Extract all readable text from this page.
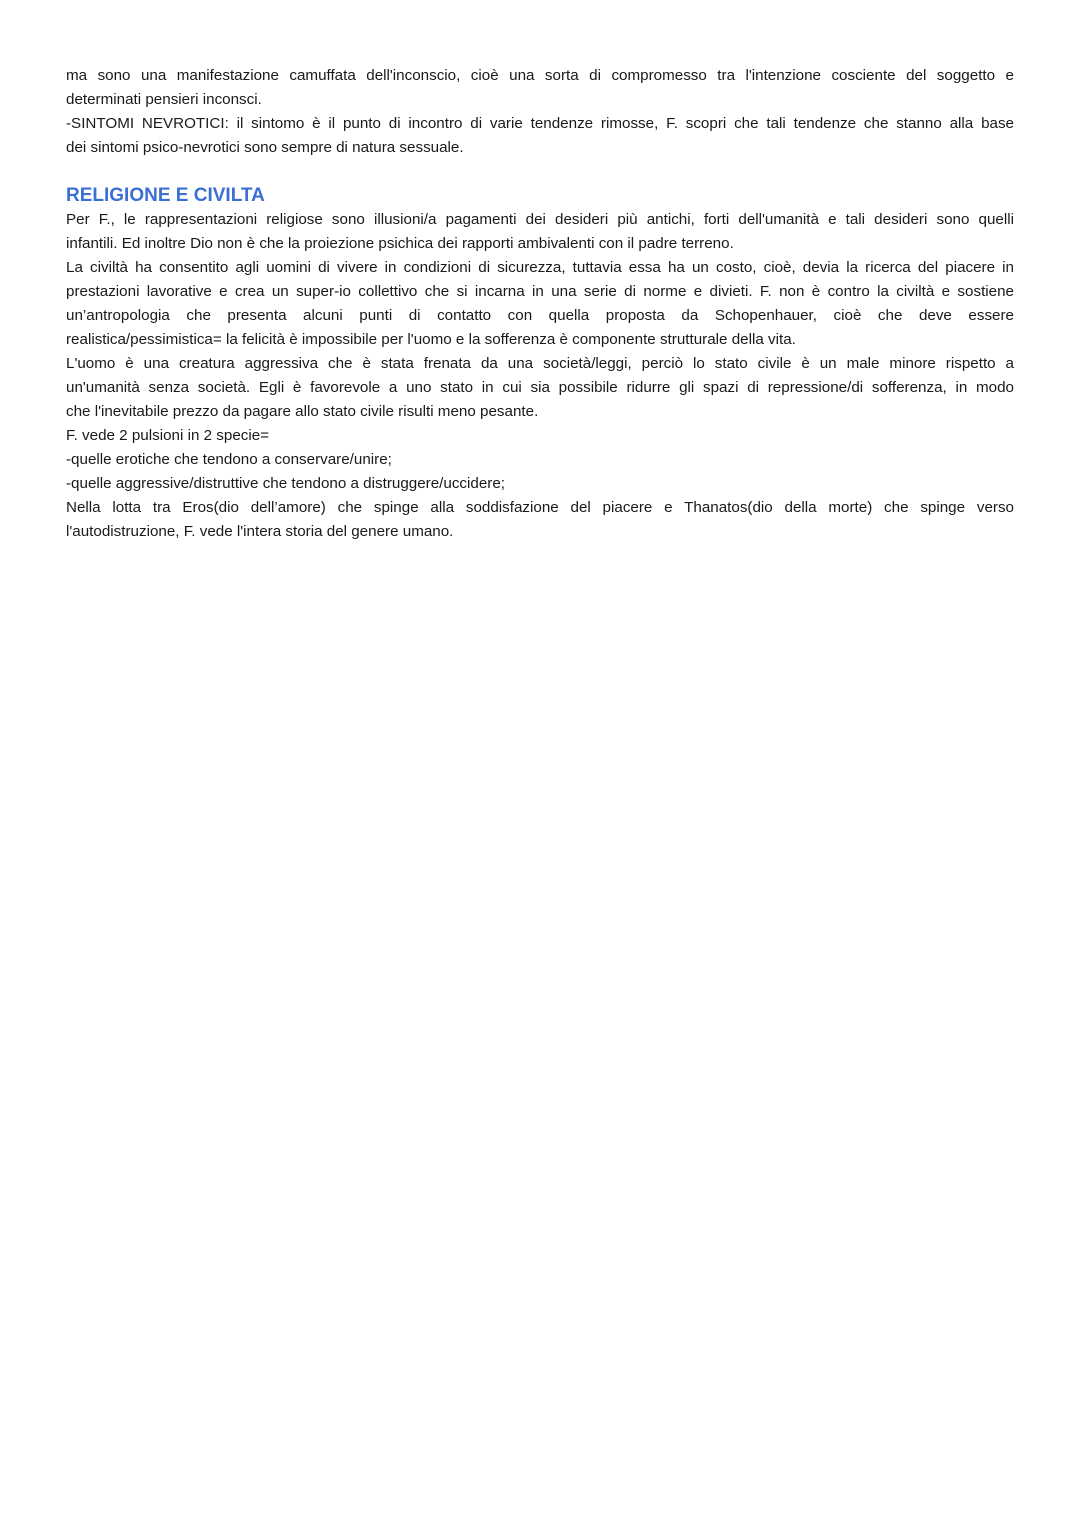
ma sono una manifestazione camuffata dell'inconscio, cioè una sorta di compromesso tra l'intenzione cosciente del soggetto e
determinati pensieri inconsci.
-SINTOMI NEVROTICI: il sintomo è il punto di incontro di varie tendenze rimosse, F. scopri che tali tendenze che stanno alla base
dei sintomi psico-nevrotici sono sempre di natura sessuale.
RELIGIONE E CIVILTA
Per F., le rappresentazioni religiose sono illusioni/a pagamenti dei desideri più antichi, forti dell'umanità e tali desideri sono quelli
infantili. Ed inoltre Dio non è che la proiezione psichica dei rapporti ambivalenti con il padre terreno.
La civiltà ha consentito agli uomini di vivere in condizioni di sicurezza, tuttavia essa ha un costo, cioè, devia la ricerca del piacere in
prestazioni lavorative e crea un super-io collettivo che si incarna in una serie di norme e divieti. F. non è contro la civiltà e sostiene
un’antropologia che presenta alcuni punti di contatto con quella proposta da Schopenhauer, cioè che deve essere
realistica/pessimistica= la felicità è impossibile per l'uomo e la sofferenza è componente strutturale della vita.
L'uomo è una creatura aggressiva che è stata frenata da una società/leggi, perciò lo stato civile è un male minore rispetto a
un'umanità senza società. Egli è favorevole a uno stato in cui sia possibile ridurre gli spazi di repressione/di sofferenza, in modo
che l'inevitabile prezzo da pagare allo stato civile risulti meno pesante.
F. vede 2 pulsioni in 2 specie=
-quelle erotiche che tendono a conservare/unire;
-quelle aggressive/distruttive che tendono a distruggere/uccidere;
Nella lotta tra Eros(dio dell’amore) che spinge alla soddisfazione del piacere e Thanatos(dio della morte) che spinge verso
l'autodistruzione, F. vede l'intera storia del genere umano.
